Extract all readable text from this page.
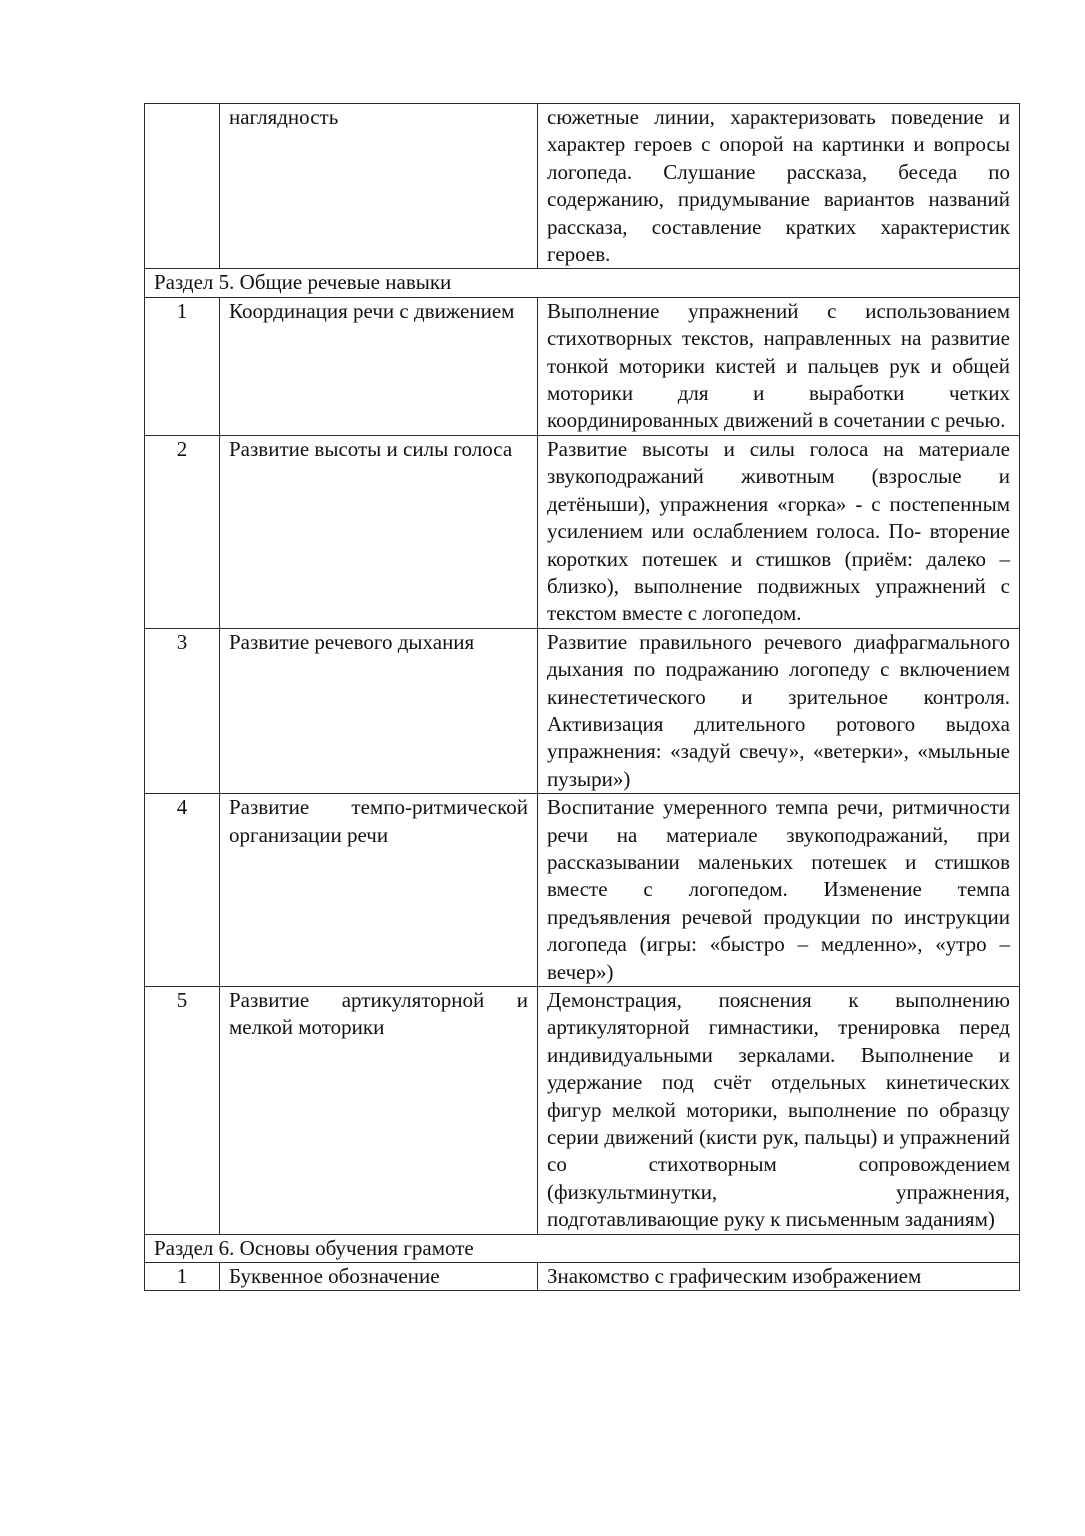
	наглядность	сюжетные линии, характеризовать поведение и характер героев с опорой на картинки и вопросы логопеда. Слушание рассказа, беседа по содержанию, придумывание вариантов названий рассказа, составление кратких характеристик героев.
Раздел 5. Общие речевые навыки		
1	Координация речи с движением	Выполнение упражнений с использованием стихотворных текстов, направленных на развитие тонкой моторики кистей и пальцев рук и общей моторики для и выработки четких координированных движений в сочетании с речью.
2	Развитие высоты и силы голоса	Развитие высоты и силы голоса на материале звукоподражаний животным (взрослые и детёныши), упражнения «горка» - с постепенным усилением или ослаблением голоса. По- вторение коротких потешек и стишков (приём: далеко – близко), выполнение подвижных упражнений с текстом вместе с логопедом.
3	Развитие речевого дыхания	Развитие правильного речевого диафрагмального дыхания по подражанию логопеду с включением кинестетического и зрительное контроля. Активизация длительного ротового выдоха упражнения: «задуй свечу», «ветерки», «мыльные пузыри»)
4	Развитие темпо-ритмической организации речи	Воспитание умеренного темпа речи, ритмичности речи на материале звукоподражаний, при рассказывании маленьких потешек и стишков вместе с логопедом. Изменение темпа предъявления речевой продукции по инструкции логопеда (игры: «быстро – медленно», «утро – вечер»)
5	Развитие артикуляторной и мелкой моторики	Демонстрация, пояснения к выполнению артикуляторной гимнастики, тренировка перед индивидуальными зеркалами. Выполнение и удержание под счёт отдельных кинетических фигур мелкой моторики, выполнение по образцу серии движений (кисти рук, пальцы) и упражнений со стихотворным сопровождением (физкультминутки, упражнения, подготавливающие руку к письменным заданиям)
Раздел 6. Основы обучения грамоте		
1	Буквенное обозначение	Знакомство с графическим изображением
